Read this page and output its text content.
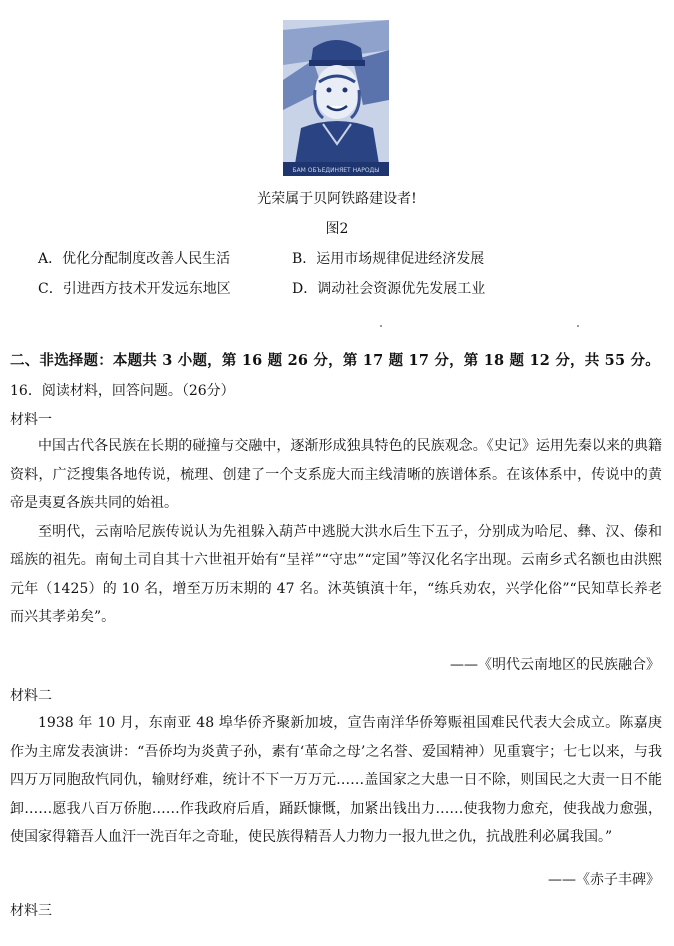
БАМ ОБЪЕДИНЯЕТ НАРОДЫ
光荣属于贝阿铁路建设者!
图2
A．优化分配制度改善人民生活	B．运用市场规律促进经济发展
C．引进西方技术开发远东地区	D．调动社会资源优先发展工业
二、非选择题：本题共 3 小题，第 16 题 26 分，第 17 题 17 分，第 18 题 12 分，共 55 分。
16．阅读材料，回答问题。（26分）
材料一

中国古代各民族在长期的碰撞与交融中，逐渐形成独具特色的民族观念。《史记》运用先秦以来的典籍资料，广泛搜集各地传说，梳理、创建了一个支系庞大而主线清晰的族谱体系。在该体系中，传说中的黄帝是夷夏各族共同的始祖。

至明代，云南哈尼族传说认为先祖躲入葫芦中逃脱大洪水后生下五子，分别成为哈尼、彝、汉、傣和瑶族的祖先。南甸土司自其十六世祖开始有“呈祥”“守忠”“定国”等汉化名字出现。云南乡式名额也由洪熙元年（1425）的 10 名，增至万历末期的 47 名。沐英镇滇十年，“练兵劝农，兴学化俗”“民知草长养老而兴其孝弟矣”。

——《明代云南地区的民族融合》
材料二

1938 年 10 月，东南亚 48 埠华侨齐聚新加坡，宣告南洋华侨筹赈祖国难民代表大会成立。陈嘉庚作为主席发表演讲：“吾侨均为炎黄子孙，素有‘革命之母’之名誉、爱国精神）见重寰宇；七七以来，与我四万万同胞敌忾同仇，输财纾难，统计不下一万万元……盖国家之大患一日不除，则国民之大责一日不能卸……愿我八百万侨胞……作我政府后盾，踊跃慷慨，加紧出钱出力……使我物力愈充，使我战力愈强，使国家得籍吾人血汗一洗百年之奇耻，使民族得精吾人力物力一报九世之仇，抗战胜利必属我国。”

——《赤子丰碑》
材料三
